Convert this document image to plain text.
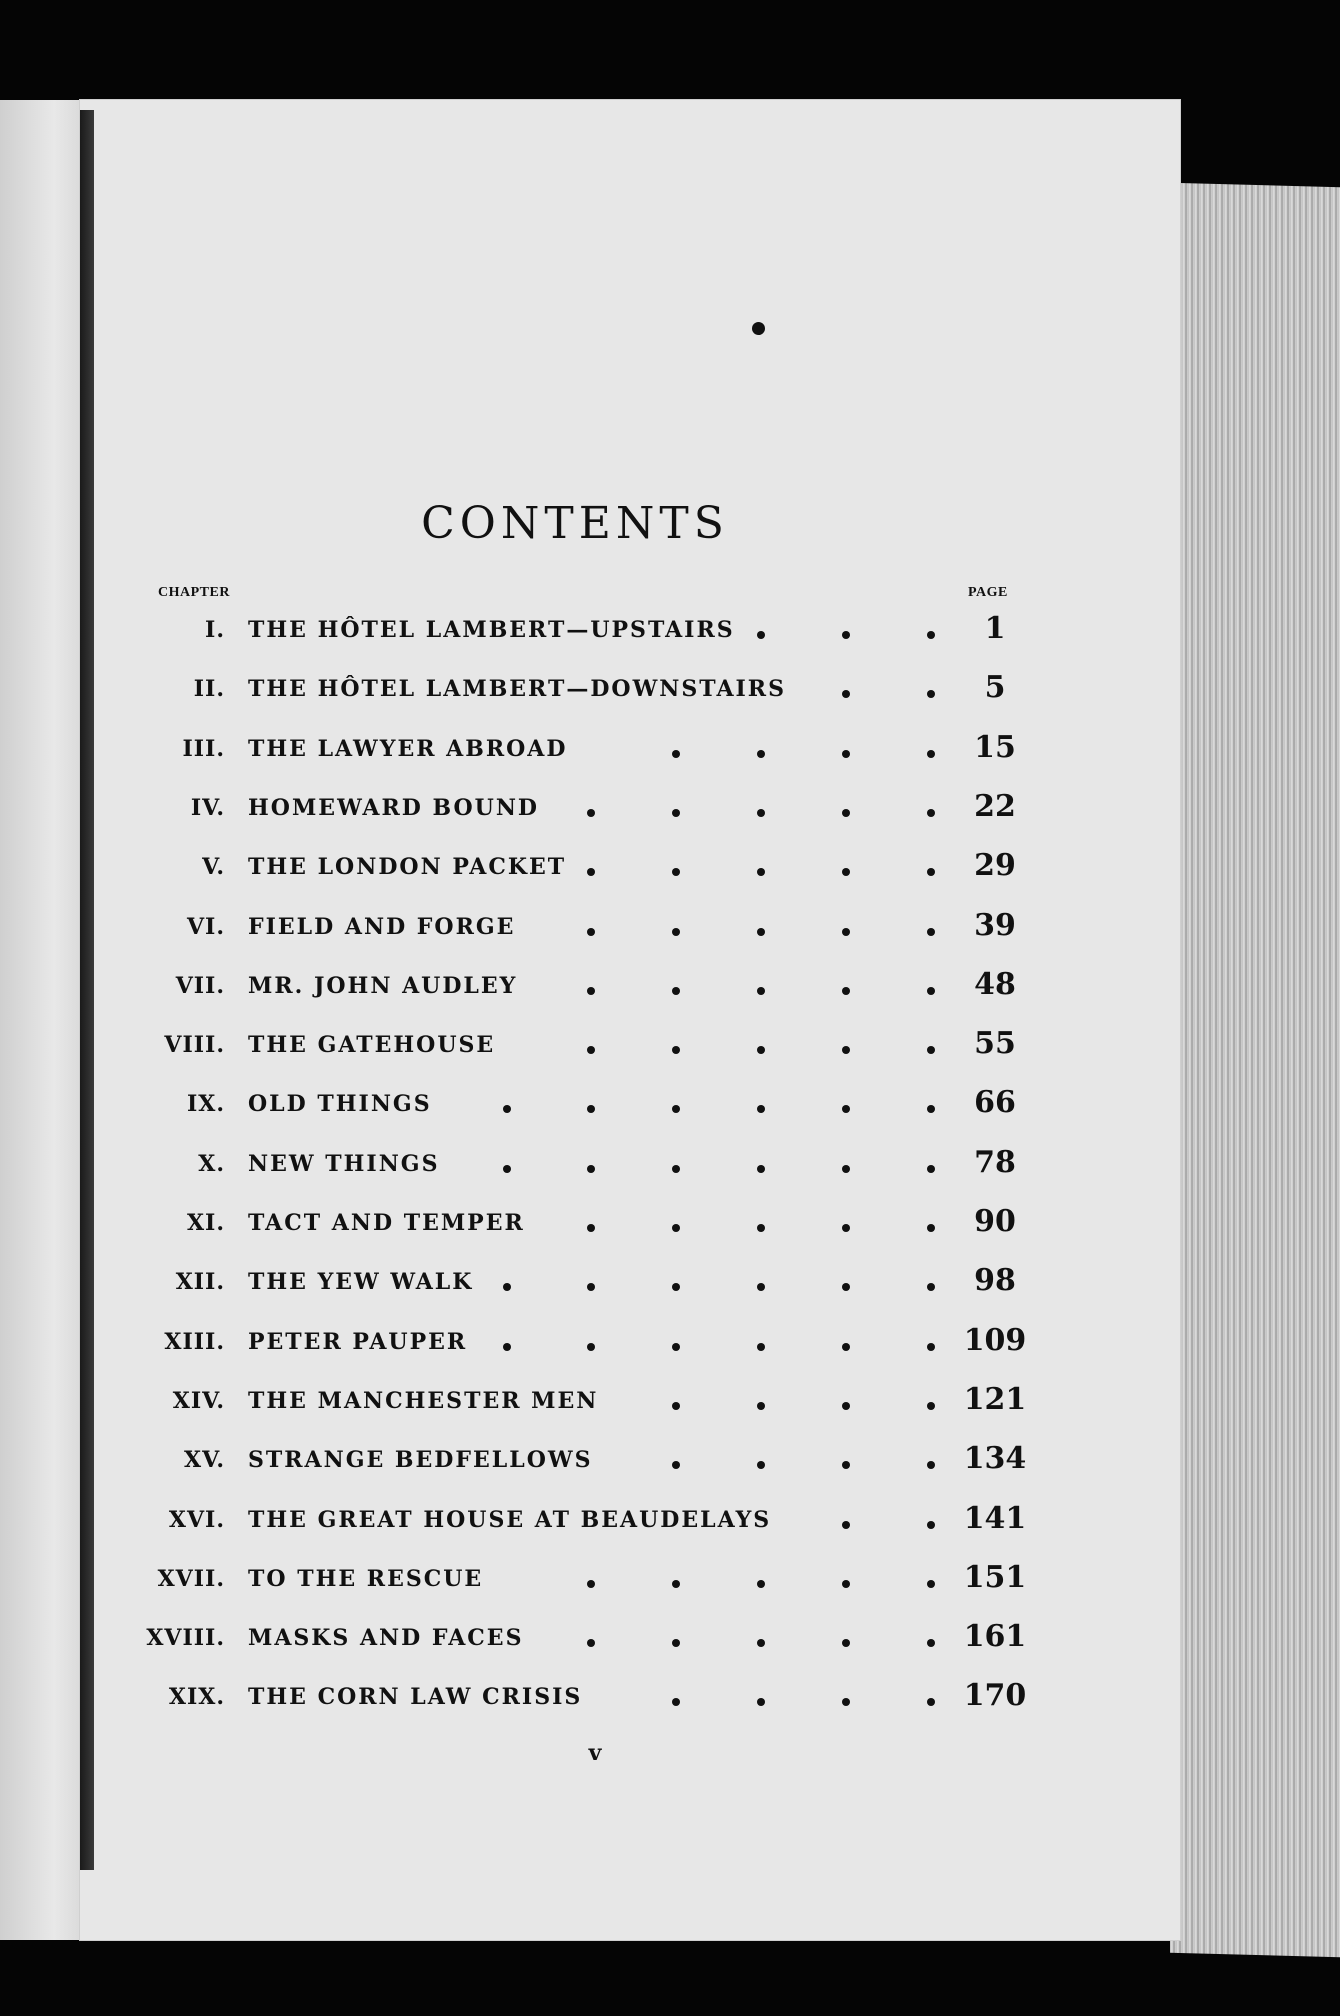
CONTENTS
CHAPTER	PAGE
I. THE HÔTEL LAMBERT—UPSTAIRS	1
II. THE HÔTEL LAMBERT—DOWNSTAIRS	5
III. THE LAWYER ABROAD	15
IV. HOMEWARD BOUND	22
V. THE LONDON PACKET	29
VI. FIELD AND FORGE	39
VII. MR. JOHN AUDLEY	48
VIII. THE GATEHOUSE	55
IX. OLD THINGS	66
X. NEW THINGS	78
XI. TACT AND TEMPER	90
XII. THE YEW WALK	98
XIII. PETER PAUPER	109
XIV. THE MANCHESTER MEN	121
XV. STRANGE BEDFELLOWS	134
XVI. THE GREAT HOUSE AT BEAUDELAYS	141
XVII. TO THE RESCUE	151
XVIII. MASKS AND FACES	161
XIX. THE CORN LAW CRISIS	170
v
